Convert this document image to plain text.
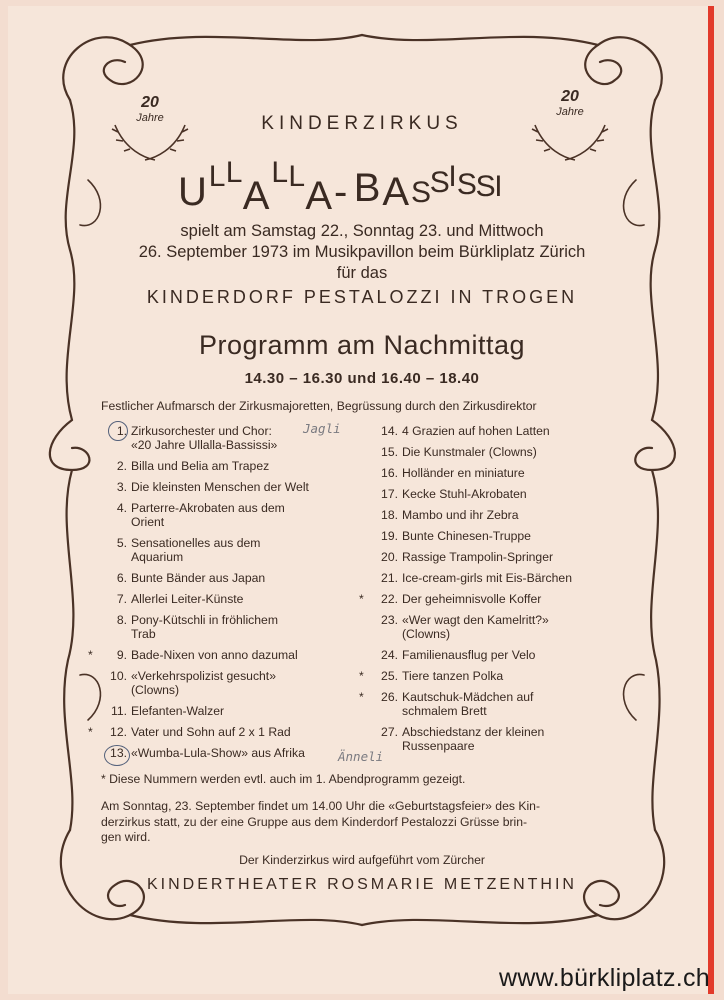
20
Jahre
20
Jahre
KINDERZIRKUS
U L L
A
L L A - B A S
S
I S
S
I
spielt am Samstag 22., Sonntag 23. und Mittwoch
26. September 1973 im Musikpavillon beim Bürkliplatz Zürich
für das
KINDERDORF PESTALOZZI IN TROGEN
Programm am Nachmittag
14.30 – 16.30 und 16.40 – 18.40
Festlicher Aufmarsch der Zirkusmajoretten, Begrüssung durch den Zirkusdirektor
1. Zirkusorchester und Chor:
«20 Jahre Ullalla-Bassissi»
2. Billa und Belia am Trapez
3. Die kleinsten Menschen der Welt
4. Parterre-Akrobaten aus dem
Orient
5. Sensationelles aus dem
Aquarium
6. Bunte Bänder aus Japan
7. Allerlei Leiter-Künste
8. Pony-Kütschli in fröhlichem
Trab
*	9. Bade-Nixen von anno dazumal
10. «Verkehrspolizist gesucht»
(Clowns)
11. Elefanten-Walzer
*	12. Vater und Sohn auf 2 x 1 Rad
13. «Wumba-Lula-Show» aus Afrika
14. 4 Grazien auf hohen Latten
15. Die Kunstmaler (Clowns)
16. Holländer en miniature
17. Kecke Stuhl-Akrobaten
18. Mambo und ihr Zebra
19. Bunte Chinesen-Truppe
20. Rassige Trampolin-Springer
21. Ice-cream-girls mit Eis-Bärchen
*	22. Der geheimnisvolle Koffer
23. «Wer wagt den Kamelritt?»
(Clowns)
24. Familienausflug per Velo
*	25. Tiere tanzen Polka
*	26. Kautschuk-Mädchen auf
schmalem Brett
27. Abschiedstanz der kleinen
Russenpaare
Jagli
Änneli
* Diese Nummern werden evtl. auch im 1. Abendprogramm gezeigt.
Am Sonntag, 23. September findet um 14.00 Uhr die «Geburtstagsfeier» des Kin-
derzirkus statt, zu der eine Gruppe aus dem Kinderdorf Pestalozzi Grüsse brin-
gen wird.
Der Kinderzirkus wird aufgeführt vom Zürcher
KINDERTHEATER ROSMARIE METZENTHIN
www.bürkliplatz.ch
